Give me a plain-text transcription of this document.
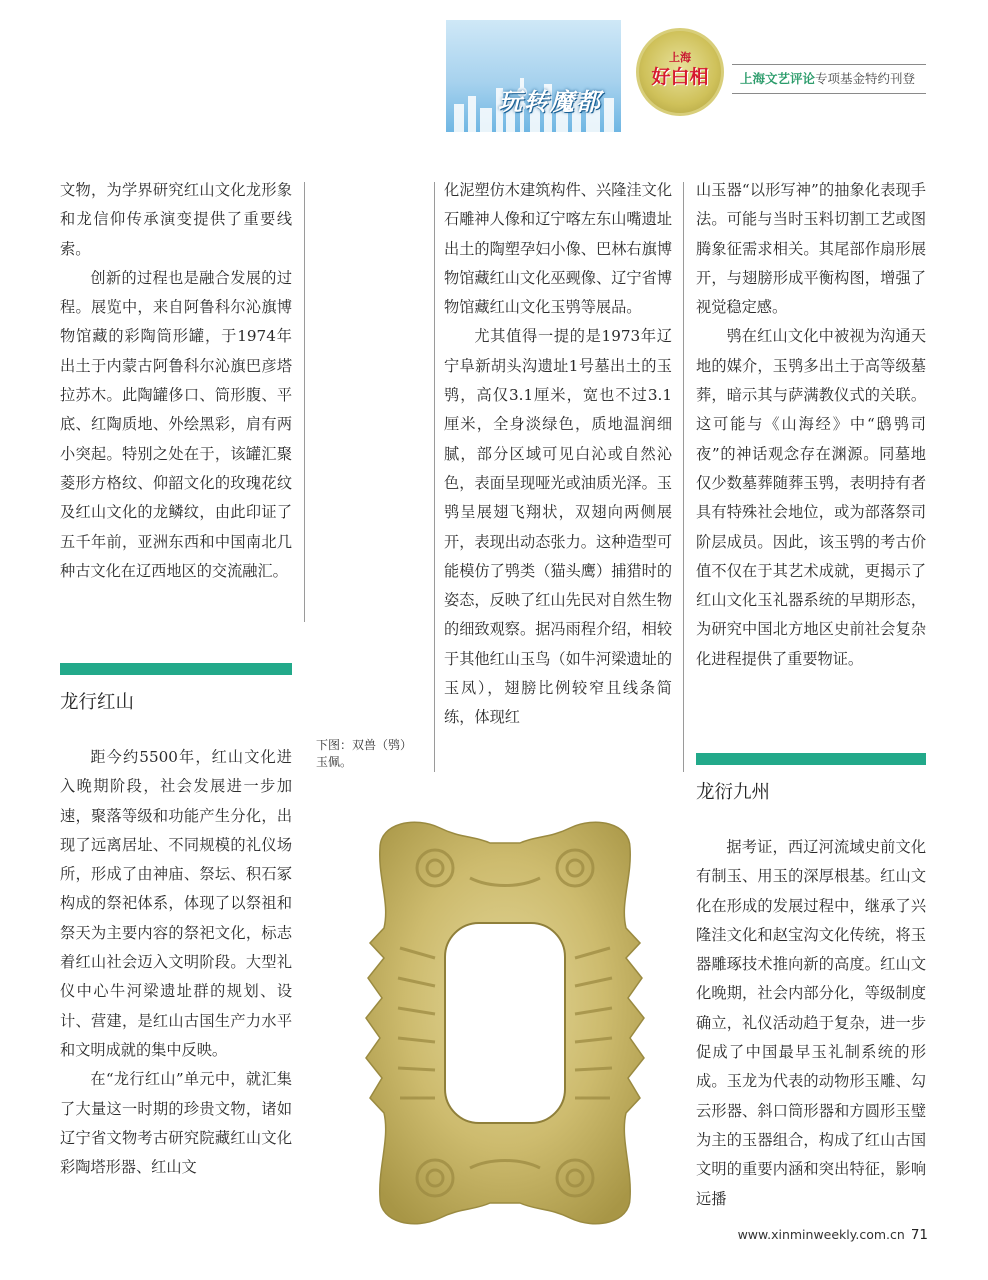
玩转魔都
上海
好白相	上海文艺评论专项基金特约刊登

文物，为学界研究红山文化龙形象和龙信仰传承演变提供了重要线索。

创新的过程也是融合发展的过程。展览中，来自阿鲁科尔沁旗博物馆藏的彩陶筒形罐，于1974年出土于内蒙古阿鲁科尔沁旗巴彦塔拉苏木。此陶罐侈口、筒形腹、平底、红陶质地、外绘黑彩，肩有两小突起。特别之处在于，该罐汇聚菱形方格纹、仰韶文化的玫瑰花纹及红山文化的龙鳞纹，由此印证了五千年前，亚洲东西和中国南北几种古文化在辽西地区的交流融汇。

龙行红山

距今约5500年，红山文化进入晚期阶段，社会发展进一步加速，聚落等级和功能产生分化，出现了远离居址、不同规模的礼仪场所，形成了由神庙、祭坛、积石冢构成的祭祀体系，体现了以祭祖和祭天为主要内容的祭祀文化，标志着红山社会迈入文明阶段。大型礼仪中心牛河梁遗址群的规划、设计、营建，是红山古国生产力水平和文明成就的集中反映。

在“龙行红山”单元中，就汇集了大量这一时期的珍贵文物，诸如辽宁省文物考古研究院藏红山文化彩陶塔形器、红山文

化泥塑仿木建筑构件、兴隆洼文化石雕神人像和辽宁喀左东山嘴遗址出土的陶塑孕妇小像、巴林右旗博物馆藏红山文化巫觋像、辽宁省博物馆藏红山文化玉鸮等展品。

尤其值得一提的是1973年辽宁阜新胡头沟遗址1号墓出土的玉鸮，高仅3.1厘米，宽也不过3.1厘米，全身淡绿色，质地温润细腻，部分区域可见白沁或自然沁色，表面呈现哑光或油质光泽。玉鸮呈展翅飞翔状，双翅向两侧展开，表现出动态张力。这种造型可能模仿了鸮类（猫头鹰）捕猎时的姿态，反映了红山先民对自然生物的细致观察。据冯雨程介绍，相较于其他红山玉鸟（如牛河梁遗址的玉凤），翅膀比例较窄且线条简练，体现红

下图：双兽（鸮）玉佩。

山玉器“以形写神”的抽象化表现手法。可能与当时玉料切割工艺或图腾象征需求相关。其尾部作扇形展开，与翅膀形成平衡构图，增强了视觉稳定感。

鸮在红山文化中被视为沟通天地的媒介，玉鸮多出土于高等级墓葬，暗示其与萨满教仪式的关联。这可能与《山海经》中“鸱鸮司夜”的神话观念存在渊源。同墓地仅少数墓葬随葬玉鸮，表明持有者具有特殊社会地位，或为部落祭司阶层成员。因此，该玉鸮的考古价值不仅在于其艺术成就，更揭示了红山文化玉礼器系统的早期形态，为研究中国北方地区史前社会复杂化进程提供了重要物证。

龙衍九州

据考证，西辽河流域史前文化有制玉、用玉的深厚根基。红山文化在形成的发展过程中，继承了兴隆洼文化和赵宝沟文化传统，将玉器雕琢技术推向新的高度。红山文化晚期，社会内部分化，等级制度确立，礼仪活动趋于复杂，进一步促成了中国最早玉礼制系统的形成。玉龙为代表的动物形玉雕、勾云形器、斜口筒形器和方圆形玉璧为主的玉器组合，构成了红山古国文明的重要内涵和突出特征，影响远播

www.xinminweekly.com.cn 71
